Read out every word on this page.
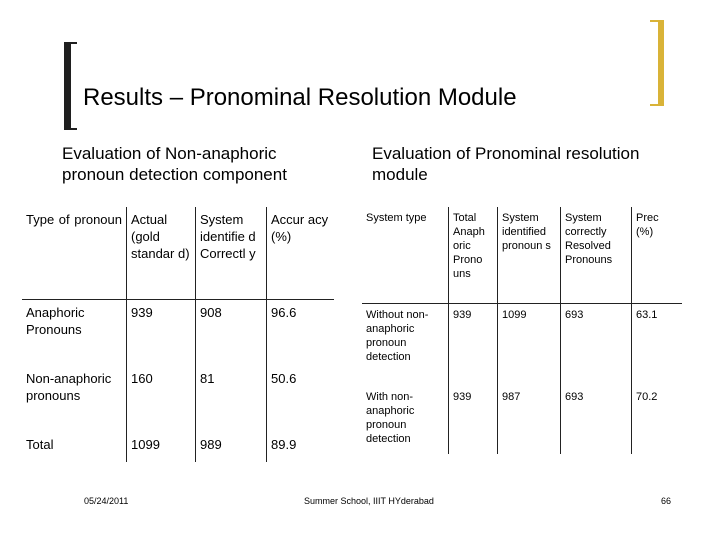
Results – Pronominal Resolution Module
Evaluation of Non-anaphoric pronoun detection component
Evaluation of Pronominal resolution module
Type of pronoun	Actual (gold standar d)	System identifie d Correctl y	Accur acy (%)
Anaphoric Pronouns	939	908	96.6
Non-anaphoric pronouns	160	81	50.6
Total	1099	989	89.9
System type	Total Anaph oric Prono uns	System identified pronoun s	System correctly Resolved Pronouns	Prec (%)
Without non-anaphoric pronoun detection	939	1099	693	63.1
With non-anaphoric pronoun detection	939	987	693	70.2
05/24/2011	Summer School, IIIT HYderabad	66
